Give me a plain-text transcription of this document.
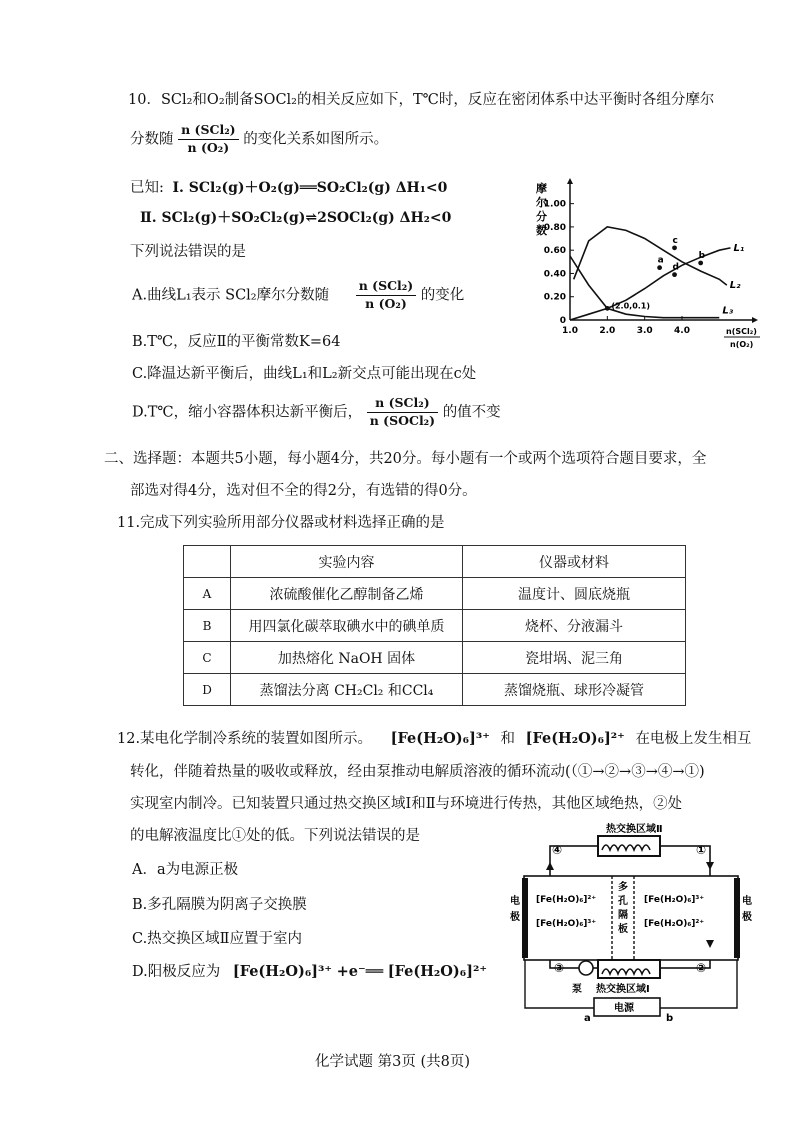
10．SCl₂和O₂制备SOCl₂的相关反应如下，T℃时，反应在密闭体系中达平衡时各组分摩尔
分数随 $\frac{\text{n (SCl₂)}}{\text{n (O₂)}}$ 的变化关系如图所示。
已知: Ⅰ. SCl₂(g)＋O₂(g)══SO₂Cl₂(g) ΔH₁<0
Ⅱ. SCl₂(g)＋SO₂Cl₂(g)⇌2SOCl₂(g) ΔH₂<0
下列说法错误的是
A.曲线L₁表示 SCl₂摩尔分数随 $\frac{\text{n (SCl₂)}}{\text{n (O₂)}}$ 的变化
B.T℃，反应Ⅱ的平衡常数K=64
C.降温达新平衡后，曲线L₁和L₂新交点可能出现在c处
D.T℃，缩小容器体积达新平衡后， $\frac{\text{n (SCl₂)}}{\text{n (SOCl₂)}}$ 的值不变
摩
尔
分
数
0
0.20
0.40
0.60
0.80
1.00
1.0 2.0 3.0 4.0	n(SCl₂)
n(O₂)
L₁
L₂
L₃
a	b
c
d
(2.0,0.1)
二、选择题：本题共5小题，每小题4分，共20分。每小题有一个或两个选项符合题目要求，全
部选对得4分，选对但不全的得2分，有选错的得0分。
11.完成下列实验所用部分仪器或材料选择正确的是
	实验内容	仪器或材料
A	浓硫酸催化乙醇制备乙烯	温度计、圆底烧瓶
B	用四氯化碳萃取碘水中的碘单质	烧杯、分液漏斗
C	加热熔化 NaOH 固体	瓷坩埚、泥三角
D	蒸馏法分离 CH₂Cl₂ 和CCl₄	蒸馏烧瓶、球形冷凝管
12.某电化学制冷系统的装置如图所示。 [Fe(H₂O)₆]³⁺ 和 [Fe(H₂O)₆]²⁺ 在电极上发生相互
转化，伴随着热量的吸收或释放，经由泵推动电解质溶液的循环流动(（①→②→③→④→①)
实现室内制冷。已知装置只通过热交换区域Ⅰ和Ⅱ与环境进行传热，其他区域绝热，②处
的电解液温度比①处的低。下列说法错误的是
A．a为电源正极
B.多孔隔膜为阴离子交换膜
C.热交换区域Ⅱ应置于室内
D.阳极反应为 [Fe(H₂O)₆]³⁺ +e⁻══ [Fe(H₂O)₆]²⁺
热交换区域Ⅱ
多
孔
隔
板
[Fe(H₂O)₆]²⁺
[Fe(H₂O)₆]³⁺
[Fe(H₂O)₆]³⁺
[Fe(H₂O)₆]²⁺
电
极
电
极
泵 热交换区域Ⅰ
电源
a	b
④	①
③	②
化学试题 第3页 (共8页)
